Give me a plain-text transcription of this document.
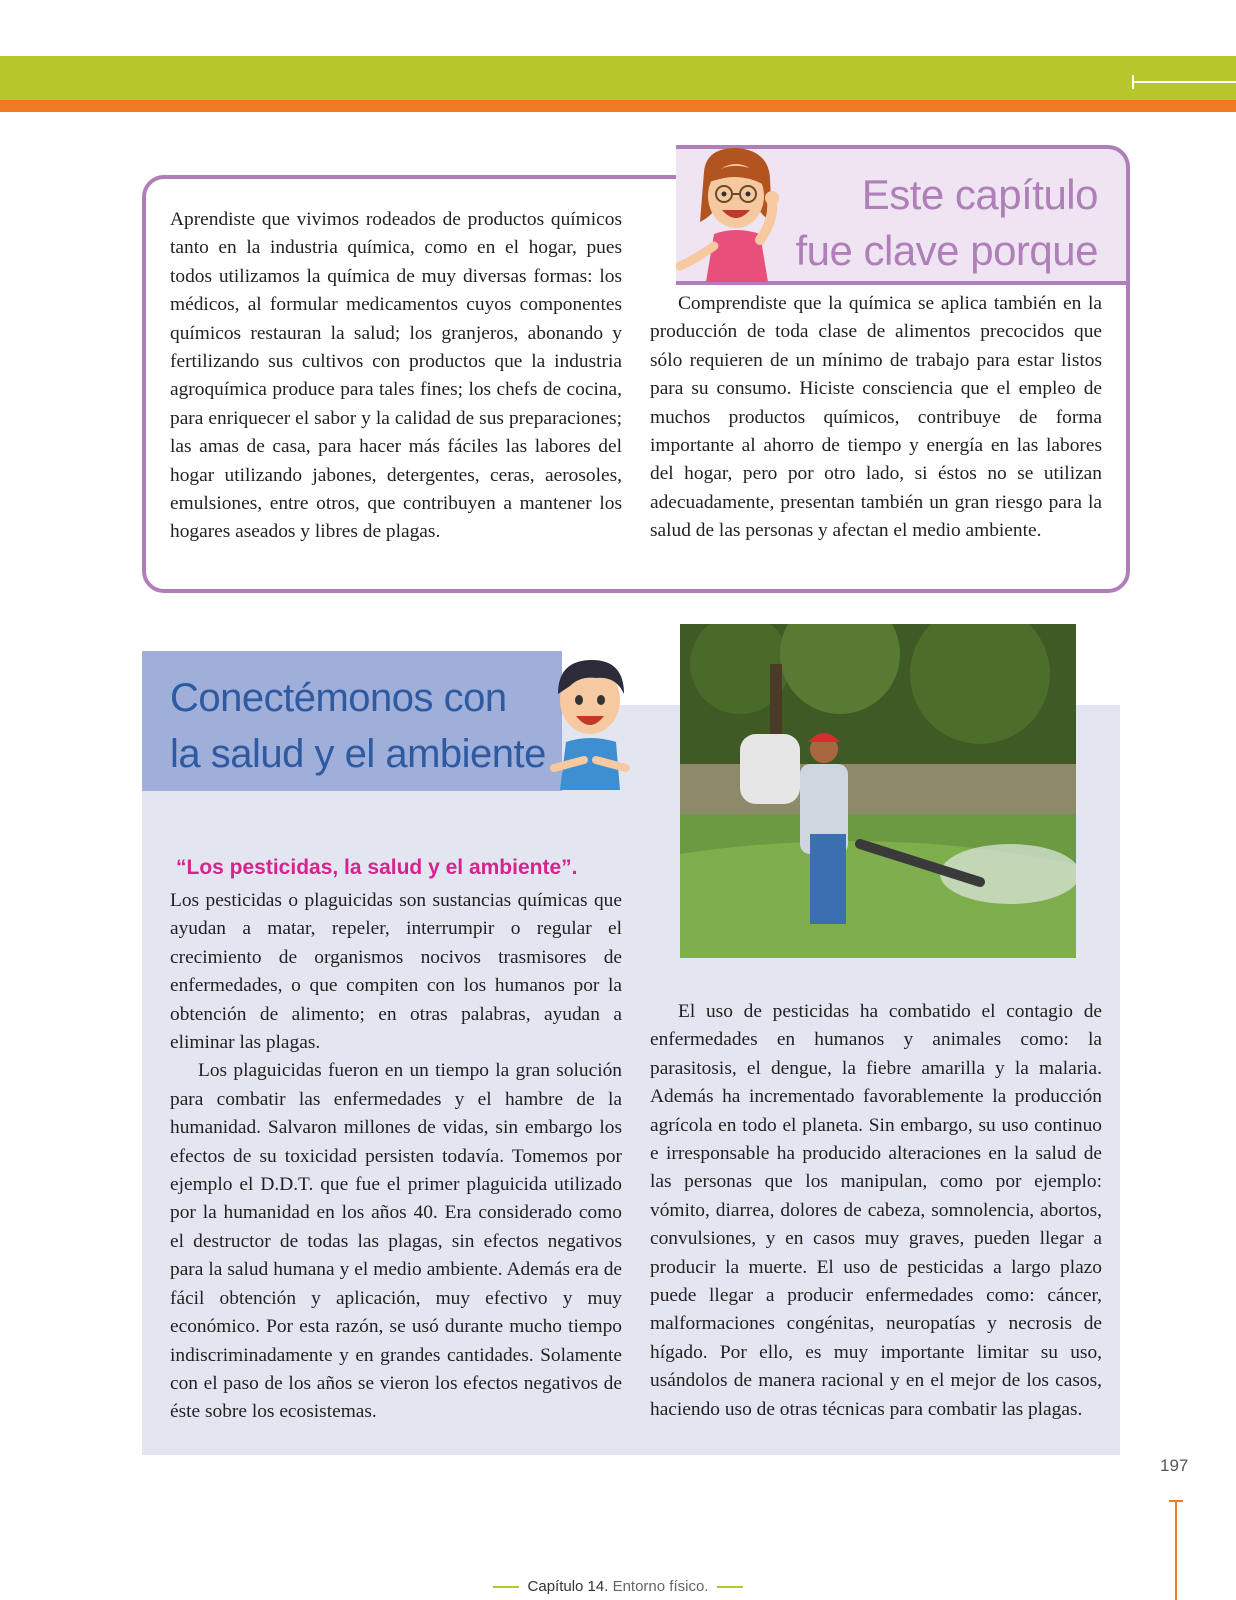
Este capítulo
fue clave porque

Aprendiste que vivimos rodeados de productos químicos tanto en la industria química, como en el hogar, pues todos utilizamos la química de muy diversas formas: los médicos, al formular medicamentos cuyos componentes químicos restauran la salud; los granjeros, abonando y fertilizando sus cultivos con productos que la industria agroquímica produce para tales fines; los chefs de cocina, para enriquecer el sabor y la calidad de sus preparaciones; las amas de casa, para hacer más fáciles las labores del hogar utilizando jabones, detergentes, ceras, aerosoles, emulsiones, entre otros, que contribuyen a mantener los hogares aseados y libres de plagas.

Comprendiste que la química se aplica también en la producción de toda clase de alimentos precocidos que sólo requieren de un mínimo de trabajo para estar listos para su consumo. Hiciste consciencia que el empleo de muchos productos químicos, contribuye de forma importante al ahorro de tiempo y energía en las labores del hogar, pero por otro lado, si éstos no se utilizan adecuadamente, presentan también un gran riesgo para la salud de las personas y afectan el medio ambiente.

Conectémonos con
la salud y el ambiente
“Los pesticidas, la salud y el ambiente”.

Los pesticidas o plaguicidas son sustancias químicas que ayudan a matar, repeler, interrumpir o regular el crecimiento de organismos nocivos trasmisores de enfermedades, o que compiten con los humanos por la obtención de alimento; en otras palabras, ayudan a eliminar las plagas.

Los plaguicidas fueron en un tiempo la gran solución para combatir las enfermedades y el hambre de la humanidad. Salvaron millones de vidas, sin embargo los efectos de su toxicidad persisten todavía. Tomemos por ejemplo el D.D.T. que fue el primer plaguicida utilizado por la humanidad en los años 40. Era considerado como el destructor de todas las plagas, sin efectos negativos para la salud humana y el medio ambiente. Además era de fácil obtención y aplicación, muy efectivo y muy económico. Por esta razón, se usó durante mucho tiempo indiscriminadamente y en grandes cantidades. Solamente con el paso de los años se vieron los efectos negativos de éste sobre los ecosistemas.

El uso de pesticidas ha combatido el contagio de enfermedades en humanos y animales como: la parasitosis, el dengue, la fiebre amarilla y la malaria. Además ha incrementado favorablemente la producción agrícola en todo el planeta. Sin embargo, su uso continuo e irresponsable ha producido alteraciones en la salud de las personas que los manipulan, como por ejemplo: vómito, diarrea, dolores de cabeza, somnolencia, abortos, convulsiones, y en casos muy graves, pueden llegar a producir la muerte. El uso de pesticidas a largo plazo puede llegar a producir enfermedades como: cáncer, malformaciones congénitas, neuropatías y necrosis de hígado. Por ello, es muy importante limitar su uso, usándolos de manera racional y en el mejor de los casos, haciendo uso de otras técnicas para combatir las plagas.

197
Capítulo 14. Entorno físico.
